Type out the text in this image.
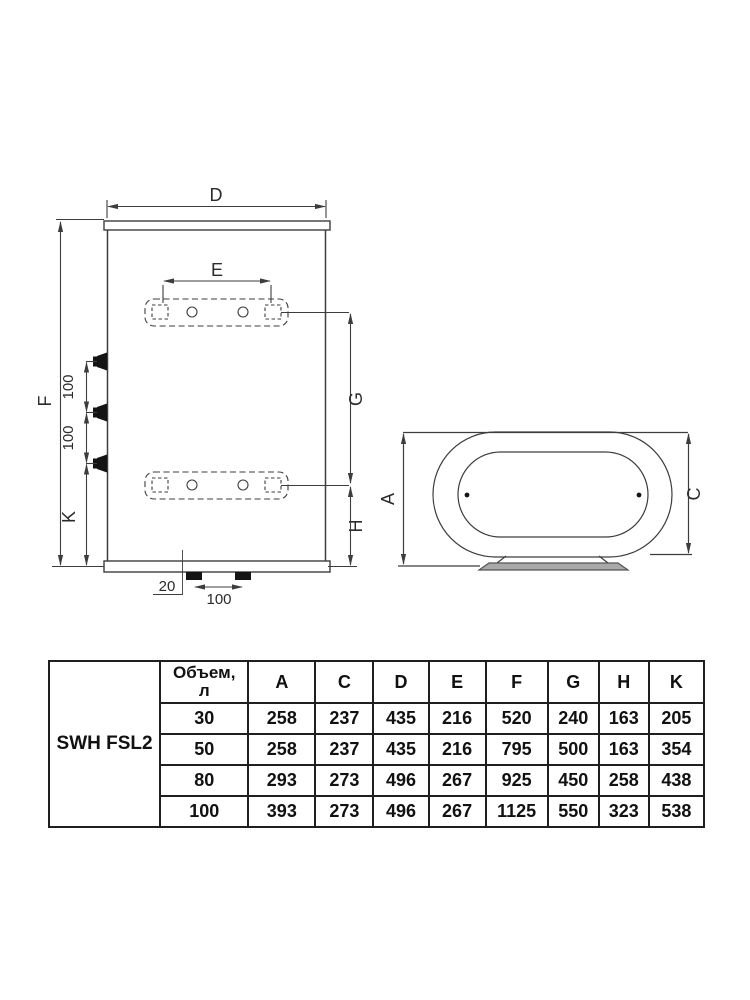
D
F
E
G
H
100
100
K
20
100
A	C
SWH FSL2	Объем,
л	A	C	D	E	F	G	H	K
	30	258	237	435	216	520	240	163	205
	50	258	237	435	216	795	500	163	354
	80	293	273	496	267	925	450	258	438
	100	393	273	496	267	1125	550	323	538
